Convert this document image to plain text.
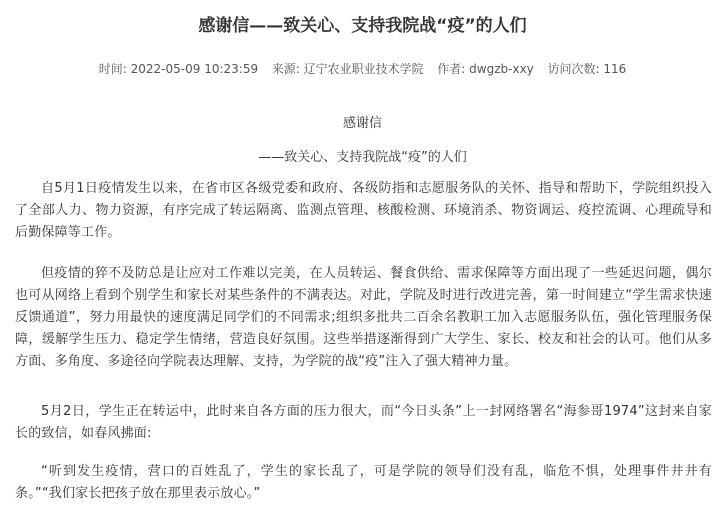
感谢信——致关心、支持我院战“疫”的人们
时间: 2022-05-09 10:23:59 来源: 辽宁农业职业技术学院 作者: dwgzb-xxy 访问次数: 116
感谢信
——致关心、支持我院战“疫”的人们

自5月1日疫情发生以来，在省市区各级党委和政府、各级防指和志愿服务队的关怀、指导和帮助下，学院组织投入了全部人力、物力资源，有序完成了转运隔离、监测点管理、核酸检测、环境消杀、物资调运、疫控流调、心理疏导和后勤保障等工作。

但疫情的猝不及防总是让应对工作难以完美，在人员转运、餐食供给、需求保障等方面出现了一些延迟问题，偶尔也可从网络上看到个别学生和家长对某些条件的不满表达。对此，学院及时进行改进完善，第一时间建立“学生需求快速反馈通道”，努力用最快的速度满足同学们的不同需求;组织多批共二百余名教职工加入志愿服务队伍，强化管理服务保障，缓解学生压力、稳定学生情绪，营造良好氛围。这些举措逐渐得到广大学生、家长、校友和社会的认可。他们从多方面、多角度、多途径向学院表达理解、支持，为学院的战“疫”注入了强大精神力量。

5月2日，学生正在转运中，此时来自各方面的压力很大，而“今日头条”上一封网络署名“海参哥1974”这封来自家长的致信，如春风拂面:

“听到发生疫情，营口的百姓乱了，学生的家长乱了，可是学院的领导们没有乱，临危不惧，处理事件井井有条。”“我们家长把孩子放在那里表示放心。”
